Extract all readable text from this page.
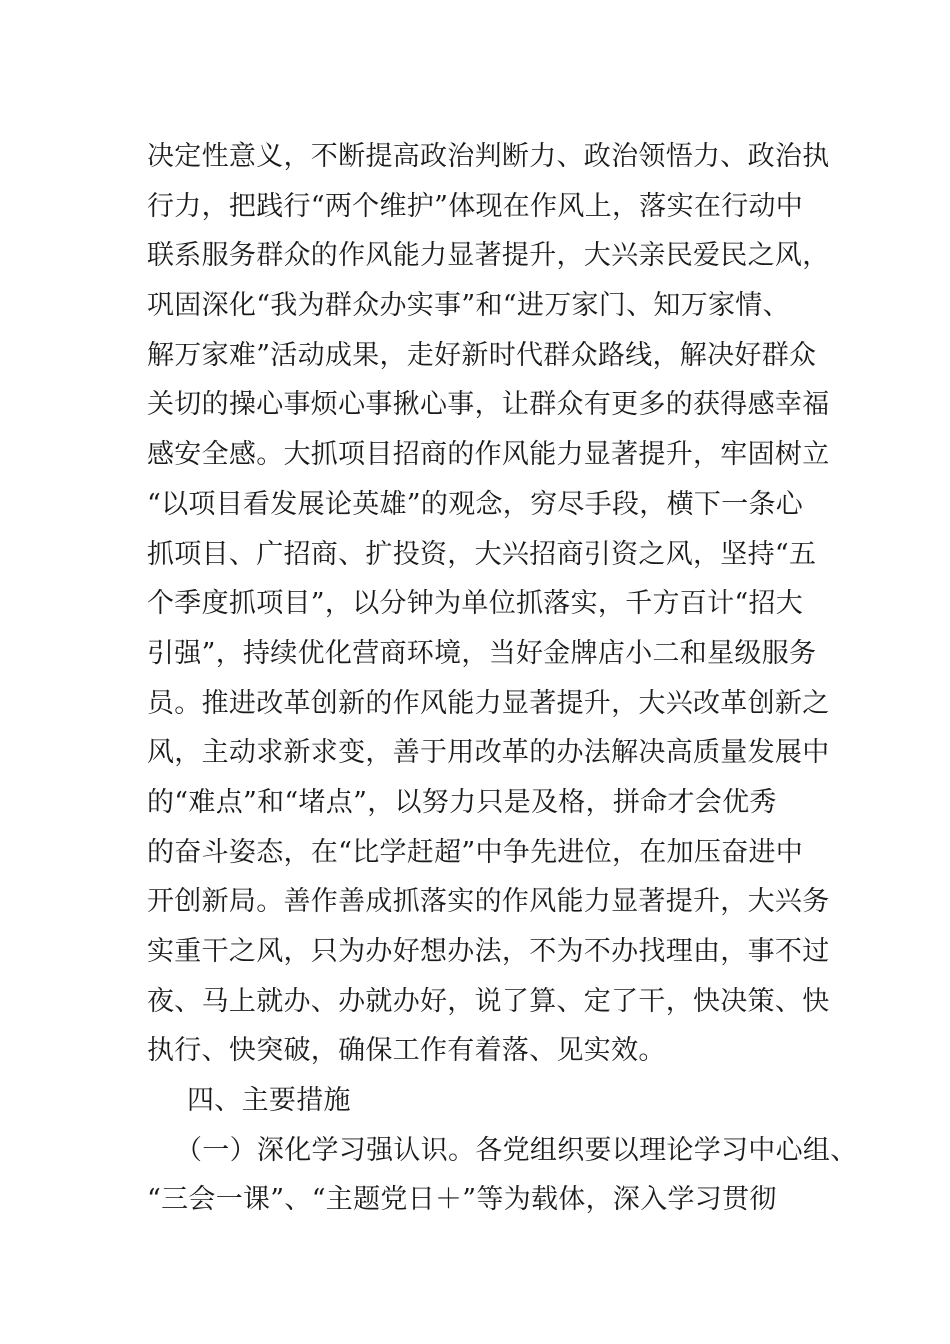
决定性意义，不断提高政治判断力、政治领悟力、政治执
行力，把践行“两个维护”体现在作风上，落实在行动中
联系服务群众的作风能力显著提升，大兴亲民爱民之风，
巩固深化“我为群众办实事”和“进万家门、知万家情、
解万家难”活动成果，走好新时代群众路线，解决好群众
关切的操心事烦心事揪心事，让群众有更多的获得感幸福
感安全感。大抓项目招商的作风能力显著提升，牢固树立
“以项目看发展论英雄”的观念，穷尽手段，横下一条心
抓项目、广招商、扩投资，大兴招商引资之风，坚持“五
个季度抓项目”，以分钟为单位抓落实，千方百计“招大
引强”，持续优化营商环境，当好金牌店小二和星级服务
员。推进改革创新的作风能力显著提升，大兴改革创新之
风，主动求新求变，善于用改革的办法解决高质量发展中
的“难点”和“堵点”，以努力只是及格，拼命才会优秀
的奋斗姿态，在“比学赶超”中争先进位，在加压奋进中
开创新局。善作善成抓落实的作风能力显著提升，大兴务
实重干之风，只为办好想办法，不为不办找理由，事不过
夜、马上就办、办就办好，说了算、定了干，快决策、快
执行、快突破，确保工作有着落、见实效。
四、主要措施
（一）深化学习强认识。各党组织要以理论学习中心组、
“三会一课”、“主题党日＋”等为载体，深入学习贯彻
